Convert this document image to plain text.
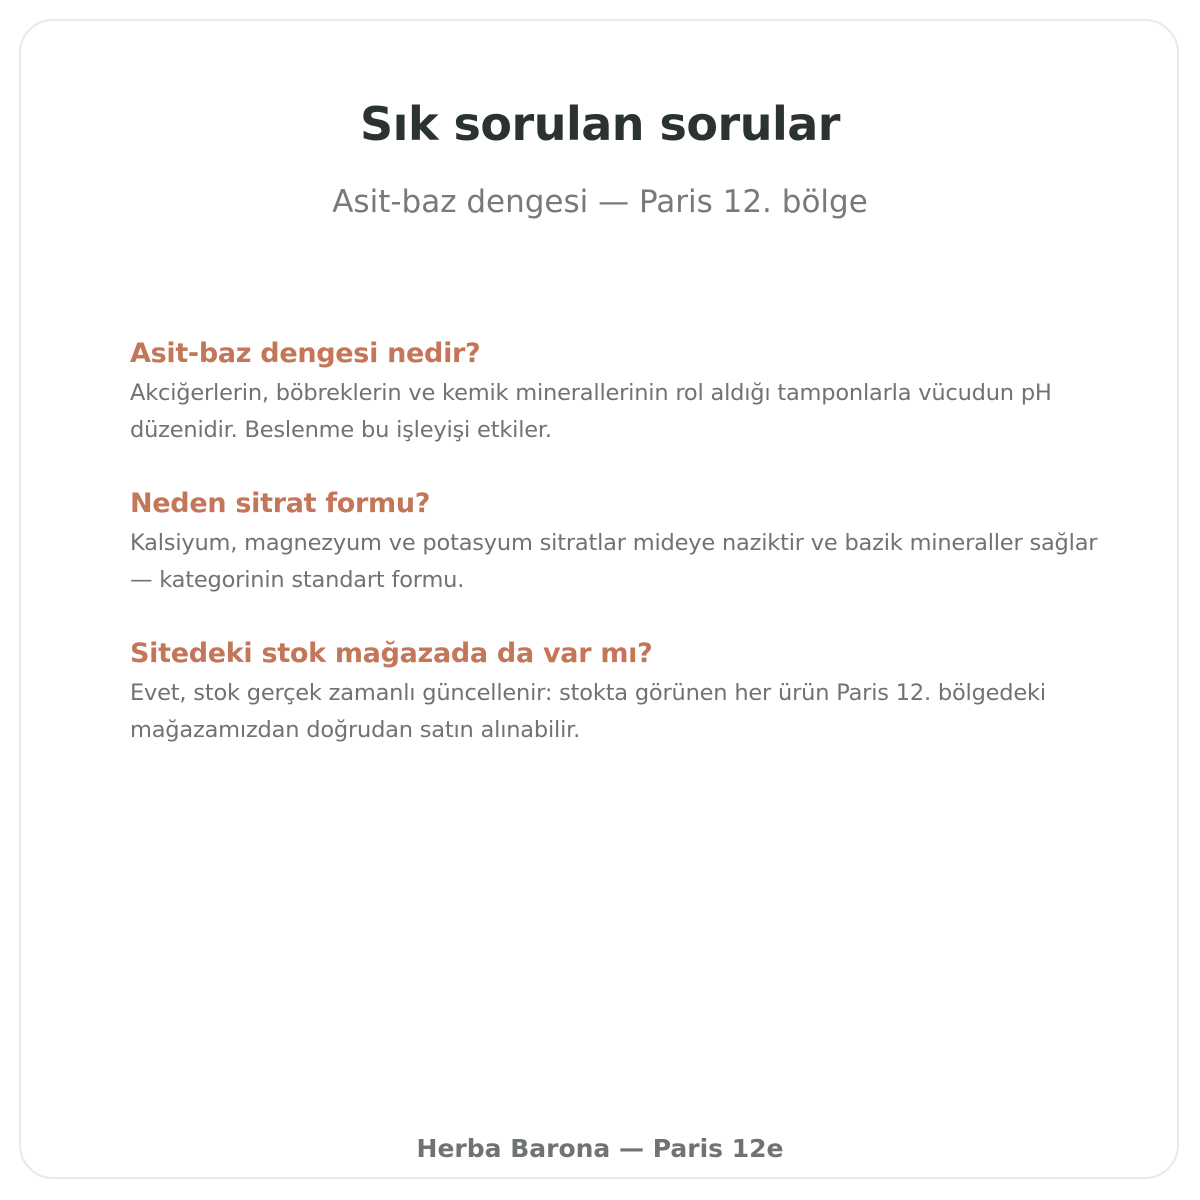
Sık sorulan sorular
Asit-baz dengesi — Paris 12. bölge
Asit-baz dengesi nedir?
Akciğerlerin, böbreklerin ve kemik minerallerinin rol aldığı tamponlarla vücudun pH düzenidir. Beslenme bu işleyişi etkiler.
Neden sitrat formu?
Kalsiyum, magnezyum ve potasyum sitratlar mideye naziktir ve bazik mineraller sağlar — kategorinin standart formu.
Sitedeki stok mağazada da var mı?
Evet, stok gerçek zamanlı güncellenir: stokta görünen her ürün Paris 12. bölgedeki mağazamızdan doğrudan satın alınabilir.
Herba Barona — Paris 12e
